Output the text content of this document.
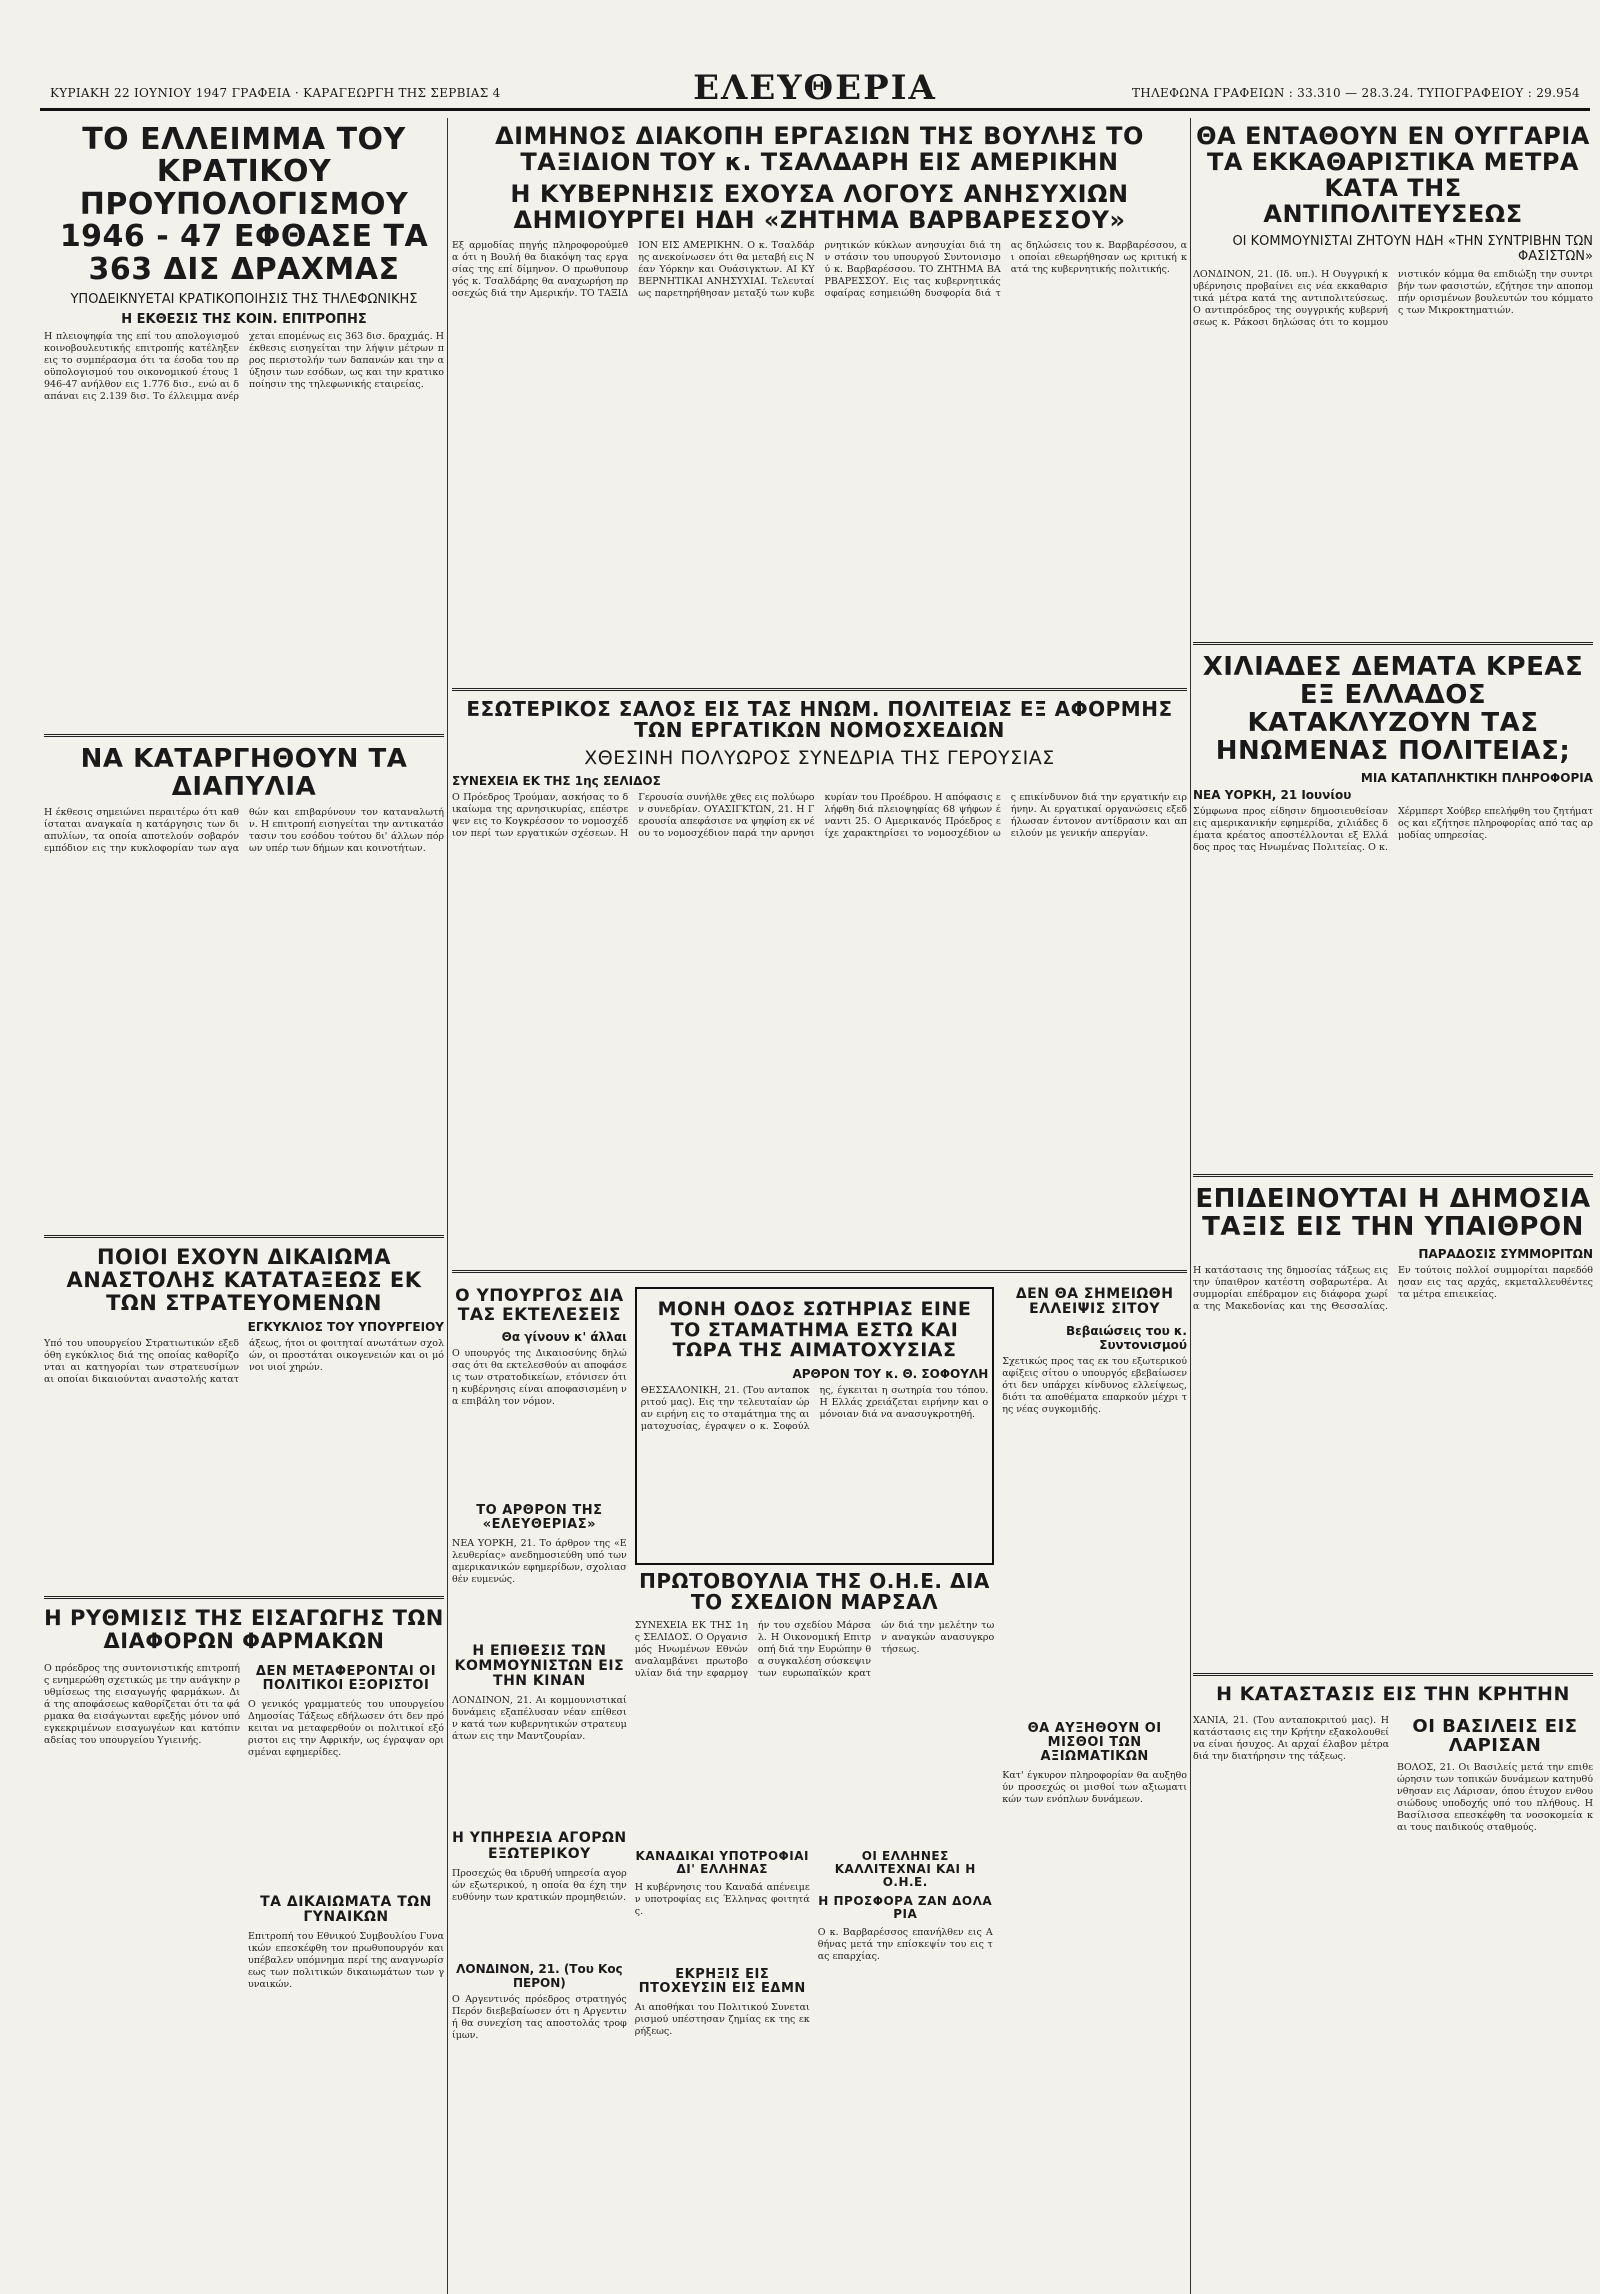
ΚΥΡΙΑΚΗ 22 ΙΟΥΝΙΟΥ 1947 ΓΡΑΦΕΙΑ · ΚΑΡΑΓΕΩΡΓΗ ΤΗΣ ΣΕΡΒΙΑΣ 4	ΕΛΕΥΘΕΡΙΑ	ΤΗΛΕΦΩΝΑ ΓΡΑΦΕΙΩΝ : 33.310 — 28.3.24. ΤΥΠΟΓΡΑΦΕΙΟΥ : 29.954
ΤΟ ΕΛΛΕΙΜΜΑ ΤΟΥ ΚΡΑΤΙΚΟΥ ΠΡΟΥΠΟΛΟΓΙΣΜΟΥ 1946 - 47 ΕΦΘΑΣΕ ΤΑ 363 ΔΙΣ ΔΡΑΧΜΑΣ
ΥΠΟΔΕΙΚΝΥΕΤΑΙ ΚΡΑΤΙΚΟΠΟΙΗΣΙΣ ΤΗΣ ΤΗΛΕΦΩΝΙΚΗΣ
Η ΕΚΘΕΣΙΣ ΤΗΣ ΚΟΙΝ. ΕΠΙΤΡΟΠΗΣ
Η πλειοψηφία της επί του απολογισμού κοινοβουλευτικής επιτροπής κατέληξεν εις το συμπέρασμα ότι τα έσοδα του προϋπολογισμού του οικονομικού έτους 1946-47 ανήλθον εις 1.776 δισ., ενώ αι δαπάναι εις 2.139 δισ. Το έλλειμμα ανέρχεται επομένως εις 363 δισ. δραχμάς. Η έκθεσις εισηγείται την λήψιν μέτρων προς περιστολήν των δαπανών και την αύξησιν των εσόδων, ως και την κρατικοποίησιν της τηλεφωνικής εταιρείας.
ΝΑ ΚΑΤΑΡΓΗΘΟΥΝ ΤΑ ΔΙΑΠΥΛΙΑ
Η έκθεσις σημειώνει περαιτέρω ότι καθίσταται αναγκαία η κατάργησις των διαπυλίων, τα οποία αποτελούν σοβαρόν εμπόδιον εις την κυκλοφορίαν των αγαθών και επιβαρύνουν τον καταναλωτήν. Η επιτροπή εισηγείται την αντικατάστασιν του εσόδου τούτου δι' άλλων πόρων υπέρ των δήμων και κοινοτήτων.
ΠΟΙΟΙ ΕΧΟΥΝ ΔΙΚΑΙΩΜΑ ΑΝΑΣΤΟΛΗΣ ΚΑΤΑΤΑΞΕΩΣ ΕΚ ΤΩΝ ΣΤΡΑΤΕΥΟΜΕΝΩΝ
ΕΓΚΥΚΛΙΟΣ ΤΟΥ ΥΠΟΥΡΓΕΙΟΥ
Υπό του υπουργείου Στρατιωτικών εξεδόθη εγκύκλιος διά της οποίας καθορίζονται αι κατηγορίαι των στρατευσίμων αι οποίαι δικαιούνται αναστολής κατατάξεως, ήτοι οι φοιτηταί ανωτάτων σχολών, οι προστάται οικογενειών και οι μόνοι υιοί χηρών.
Η ΡΥΘΜΙΣΙΣ ΤΗΣ ΕΙΣΑΓΩΓΗΣ ΤΩΝ ΔΙΑΦΟΡΩΝ ΦΑΡΜΑΚΩΝ
Ο πρόεδρος της συντονιστικής επιτροπής ενημερώθη σχετικώς με την ανάγκην ρυθμίσεως της εισαγωγής φαρμάκων. Διά της αποφάσεως καθορίζεται ότι τα φάρμακα θα εισάγωνται εφεξής μόνον υπό εγκεκριμένων εισαγωγέων και κατόπιν αδείας του υπουργείου Υγιεινής.
ΔΕΝ ΜΕΤΑΦΕΡΟΝΤΑΙ ΟΙ ΠΟΛΙΤΙΚΟΙ ΕΞΟΡΙΣΤΟΙ
Ο γενικός γραμματεύς του υπουργείου Δημοσίας Τάξεως εδήλωσεν ότι δεν πρόκειται να μεταφερθούν οι πολιτικοί εξόριστοι εις την Αφρικήν, ως έγραψαν ορισμέναι εφημερίδες.
ΤΑ ΔΙΚΑΙΩΜΑΤΑ ΤΩΝ ΓΥΝΑΙΚΩΝ
Επιτροπή του Εθνικού Συμβουλίου Γυναικών επεσκέφθη τον πρωθυπουργόν και υπέβαλεν υπόμνημα περί της αναγνωρίσεως των πολιτικών δικαιωμάτων των γυναικών.
ΔΙΜΗΝΟΣ ΔΙΑΚΟΠΗ ΕΡΓΑΣΙΩΝ ΤΗΣ ΒΟΥΛΗΣ ΤΟ ΤΑΞΙΔΙΟΝ ΤΟΥ κ. ΤΣΑΛΔΑΡΗ ΕΙΣ ΑΜΕΡΙΚΗΝ
Η ΚΥΒΕΡΝΗΣΙΣ ΕΧΟΥΣΑ ΛΟΓΟΥΣ ΑΝΗΣΥΧΙΩΝ ΔΗΜΙΟΥΡΓΕΙ ΗΔΗ «ΖΗΤΗΜΑ ΒΑΡΒΑΡΕΣΣΟΥ»
Εξ αρμοδίας πηγής πληροφορούμεθα ότι η Βουλή θα διακόψη τας εργασίας της επί δίμηνον. Ο πρωθυπουργός κ. Τσαλδάρης θα αναχωρήση προσεχώς διά την Αμερικήν. ΤΟ ΤΑΞΙΔΙΟΝ ΕΙΣ ΑΜΕΡΙΚΗΝ. Ο κ. Τσαλδάρης ανεκοίνωσεν ότι θα μεταβή εις Νέαν Υόρκην και Ουάσιγκτων. ΑΙ ΚΥΒΕΡΝΗΤΙΚΑΙ ΑΝΗΣΥΧΙΑΙ. Τελευταίως παρετηρήθησαν μεταξύ των κυβερνητικών κύκλων ανησυχίαι διά την στάσιν του υπουργού Συντονισμού κ. Βαρβαρέσσου. ΤΟ ΖΗΤΗΜΑ ΒΑΡΒΑΡΕΣΣΟΥ. Εις τας κυβερνητικάς σφαίρας εσημειώθη δυσφορία διά τας δηλώσεις του κ. Βαρβαρέσσου, αι οποίαι εθεωρήθησαν ως κριτική κατά της κυβερνητικής πολιτικής.
ΕΣΩΤΕΡΙΚΟΣ ΣΑΛΟΣ ΕΙΣ ΤΑΣ ΗΝΩΜ. ΠΟΛΙΤΕΙΑΣ ΕΞ ΑΦΟΡΜΗΣ ΤΩΝ ΕΡΓΑΤΙΚΩΝ ΝΟΜΟΣΧΕΔΙΩΝ
ΧΘΕΣΙΝΗ ΠΟΛΥΩΡΟΣ ΣΥΝΕΔΡΙΑ ΤΗΣ ΓΕΡΟΥΣΙΑΣ
ΣΥΝΕΧΕΙΑ ΕΚ ΤΗΣ 1ης ΣΕΛΙΔΟΣ
Ο Πρόεδρος Τρούμαν, ασκήσας το δικαίωμα της αρνησικυρίας, επέστρεψεν εις το Κογκρέσσον το νομοσχέδιον περί των εργατικών σχέσεων. Η Γερουσία συνήλθε χθες εις πολύωρον συνεδρίαν. ΟΥΑΣΙΓΚΤΩΝ, 21. Η Γερουσία απεφάσισε να ψηφίση εκ νέου το νομοσχέδιον παρά την αρνησικυρίαν του Προέδρου. Η απόφασις ελήφθη διά πλειοψηφίας 68 ψήφων έναντι 25. Ο Αμερικανός Πρόεδρος είχε χαρακτηρίσει το νομοσχέδιον ως επικίνδυνον διά την εργατικήν ειρήνην. Αι εργατικαί οργανώσεις εξεδήλωσαν έντονον αντίδρασιν και απειλούν με γενικήν απεργίαν.
Ο ΥΠΟΥΡΓΟΣ ΔΙΑ ΤΑΣ ΕΚΤΕΛΕΣΕΙΣ
Θα γίνουν κ' άλλαι
Ο υπουργός της Δικαιοσύνης δηλώσας ότι θα εκτελεσθούν αι αποφάσεις των στρατοδικείων, ετόνισεν ότι η κυβέρνησις είναι αποφασισμένη να επιβάλη τον νόμον.
ΤΟ ΑΡΘΡΟΝ ΤΗΣ «ΕΛΕΥΘΕΡΙΑΣ»
ΝΕΑ ΥΟΡΚΗ, 21. Το άρθρον της «Ελευθερίας» ανεδημοσιεύθη υπό των αμερικανικών εφημερίδων, σχολιασθέν ευμενώς.
Η ΕΠΙΘΕΣΙΣ ΤΩΝ ΚΟΜΜΟΥΝΙΣΤΩΝ ΕΙΣ ΤΗΝ ΚΙΝΑΝ
ΛΟΝΔΙΝΟΝ, 21. Αι κομμουνιστικαί δυνάμεις εξαπέλυσαν νέαν επίθεσιν κατά των κυβερνητικών στρατευμάτων εις την Μαντζουρίαν.
Η ΥΠΗΡΕΣΙΑ ΑΓΟΡΩΝ ΕΞΩΤΕΡΙΚΟΥ
Προσεχώς θα ιδρυθή υπηρεσία αγορών εξωτερικού, η οποία θα έχη την ευθύνην των κρατικών προμηθειών.
ΛΟΝΔΙΝΟΝ, 21. (Του Κος ΠΕΡΟΝ)
Ο Αργεντινός πρόεδρος στρατηγός Περόν διεβεβαίωσεν ότι η Αργεντινή θα συνεχίση τας αποστολάς τροφίμων.
ΜΟΝΗ ΟΔΟΣ ΣΩΤΗΡΙΑΣ ΕΙΝΕ ΤΟ ΣΤΑΜΑΤΗΜΑ ΕΣΤΩ ΚΑΙ ΤΩΡΑ ΤΗΣ ΑΙΜΑΤΟΧΥΣΙΑΣ
ΑΡΘΡΟΝ ΤΟΥ κ. Θ. ΣΟΦΟΥΛΗ
ΘΕΣΣΑΛΟΝΙΚΗ, 21. (Του ανταποκριτού μας). Εις την τελευταίαν ώραν ειρήνη εις το σταμάτημα της αιματοχυσίας, έγραψεν ο κ. Σοφούλης, έγκειται η σωτηρία του τόπου. Η Ελλάς χρειάζεται ειρήνην και ομόνοιαν διά να ανασυγκροτηθή.
ΠΡΩΤΟΒΟΥΛΙΑ ΤΗΣ Ο.Η.Ε. ΔΙΑ ΤΟ ΣΧΕΔΙΟΝ ΜΑΡΣΑΛ
ΣΥΝΕΧΕΙΑ ΕΚ ΤΗΣ 1ης ΣΕΛΙΔΟΣ. Ο Οργανισμός Ηνωμένων Εθνών αναλαμβάνει πρωτοβουλίαν διά την εφαρμογήν του σχεδίου Μάρσαλ. Η Οικονομική Επιτροπή διά την Ευρώπην θα συγκαλέση σύσκεψιν των ευρωπαϊκών κρατών διά την μελέτην των αναγκών ανασυγκροτήσεως.
ΚΑΝΑΔΙΚΑΙ ΥΠΟΤΡΟΦΙΑΙ ΔΙ' ΕΛΛΗΝΑΣ
Η κυβέρνησις του Καναδά απένειμεν υποτροφίας εις Έλληνας φοιτητάς.
ΕΚΡΗΞΙΣ ΕΙΣ ΠΤΟΧΕΥΣΙΝ ΕΙΣ ΕΔΜΝ
Αι αποθήκαι του Πολιτικού Συνεταιρισμού υπέστησαν ζημίας εκ της εκρήξεως.
ΟΙ ΕΛΛΗΝΕΣ ΚΑΛΛΙΤΕΧΝΑΙ ΚΑΙ Η Ο.Η.Ε.
Η ΠΡΟΣΦΟΡΑ ΖΑΝ ΔΟΛΑ ΡΙΑ
Ο κ. Βαρβαρέσσος επανήλθεν εις Αθήνας μετά την επίσκεψίν του εις τας επαρχίας.
ΔΕΝ ΘΑ ΣΗΜΕΙΩΘΗ ΕΛΛΕΙΨΙΣ ΣΙΤΟΥ
Βεβαιώσεις του κ. Συντονισμού
Σχετικώς προς τας εκ του εξωτερικού αφίξεις σίτου ο υπουργός εβεβαίωσεν ότι δεν υπάρχει κίνδυνος ελλείψεως, διότι τα αποθέματα επαρκούν μέχρι της νέας συγκομιδής.
ΘΑ ΑΥΞΗΘΟΥΝ ΟΙ ΜΙΣΘΟΙ ΤΩΝ ΑΞΙΩΜΑΤΙΚΩΝ
Κατ' έγκυρον πληροφορίαν θα αυξηθούν προσεχώς οι μισθοί των αξιωματικών των ενόπλων δυνάμεων.
ΘΑ ΕΝΤΑΘΟΥΝ ΕΝ ΟΥΓΓΑΡΙΑ ΤΑ ΕΚΚΑΘΑΡΙΣΤΙΚΑ ΜΕΤΡΑ ΚΑΤΑ ΤΗΣ ΑΝΤΙΠΟΛΙΤΕΥΣΕΩΣ
ΟΙ ΚΟΜΜΟΥΝΙΣΤΑΙ ΖΗΤΟΥΝ ΗΔΗ «ΤΗΝ ΣΥΝΤΡΙΒΗΝ ΤΩΝ ΦΑΣΙΣΤΩΝ»
ΛΟΝΔΙΝΟΝ, 21. (Ιδ. υπ.). Η Ουγγρική κυβέρνησις προβαίνει εις νέα εκκαθαριστικά μέτρα κατά της αντιπολιτεύσεως. Ο αντιπρόεδρος της ουγγρικής κυβερνήσεως κ. Ράκοσι δηλώσας ότι το κομμουνιστικόν κόμμα θα επιδιώξη την συντριβήν των φασιστών, εζήτησε την αποπομπήν ορισμένων βουλευτών του κόμματος των Μικροκτηματιών.
ΧΙΛΙΑΔΕΣ ΔΕΜΑΤΑ ΚΡΕΑΣ ΕΞ ΕΛΛΑΔΟΣ ΚΑΤΑΚΛΥΖΟΥΝ ΤΑΣ ΗΝΩΜΕΝΑΣ ΠΟΛΙΤΕΙΑΣ;
ΜΙΑ ΚΑΤΑΠΛΗΚΤΙΚΗ ΠΛΗΡΟΦΟΡΙΑ
ΝΕΑ ΥΟΡΚΗ, 21 Ιουνίου
Σύμφωνα προς είδησιν δημοσιευθείσαν εις αμερικανικήν εφημερίδα, χιλιάδες δέματα κρέατος αποστέλλονται εξ Ελλάδος προς τας Ηνωμένας Πολιτείας. Ο κ. Χέρμπερτ Χούβερ επελήφθη του ζητήματος και εζήτησε πληροφορίας από τας αρμοδίας υπηρεσίας.
ΕΠΙΔΕΙΝΟΥΤΑΙ Η ΔΗΜΟΣΙΑ ΤΑΞΙΣ ΕΙΣ ΤΗΝ ΥΠΑΙΘΡΟΝ
ΠΑΡΑΔΟΣΙΣ ΣΥΜΜΟΡΙΤΩΝ
Η κατάστασις της δημοσίας τάξεως εις την ύπαιθρον κατέστη σοβαρωτέρα. Αι συμμορίαι επέδραμον εις διάφορα χωρία της Μακεδονίας και της Θεσσαλίας. Εν τούτοις πολλοί συμμορίται παρεδόθησαν εις τας αρχάς, εκμεταλλευθέντες τα μέτρα επιεικείας.
Η ΚΑΤΑΣΤΑΣΙΣ ΕΙΣ ΤΗΝ ΚΡΗΤΗΝ
ΧΑΝΙΑ, 21. (Του ανταποκριτού μας). Η κατάστασις εις την Κρήτην εξακολουθεί να είναι ήσυχος. Αι αρχαί έλαβον μέτρα διά την διατήρησιν της τάξεως.
ΟΙ ΒΑΣΙΛΕΙΣ ΕΙΣ ΛΑΡΙΣΑΝ
ΒΟΛΟΣ, 21. Οι Βασιλείς μετά την επιθεώρησιν των τοπικών δυνάμεων κατηυθύνθησαν εις Λάρισαν, όπου έτυχον ενθουσιώδους υποδοχής υπό του πλήθους. Η Βασίλισσα επεσκέφθη τα νοσοκομεία και τους παιδικούς σταθμούς.
